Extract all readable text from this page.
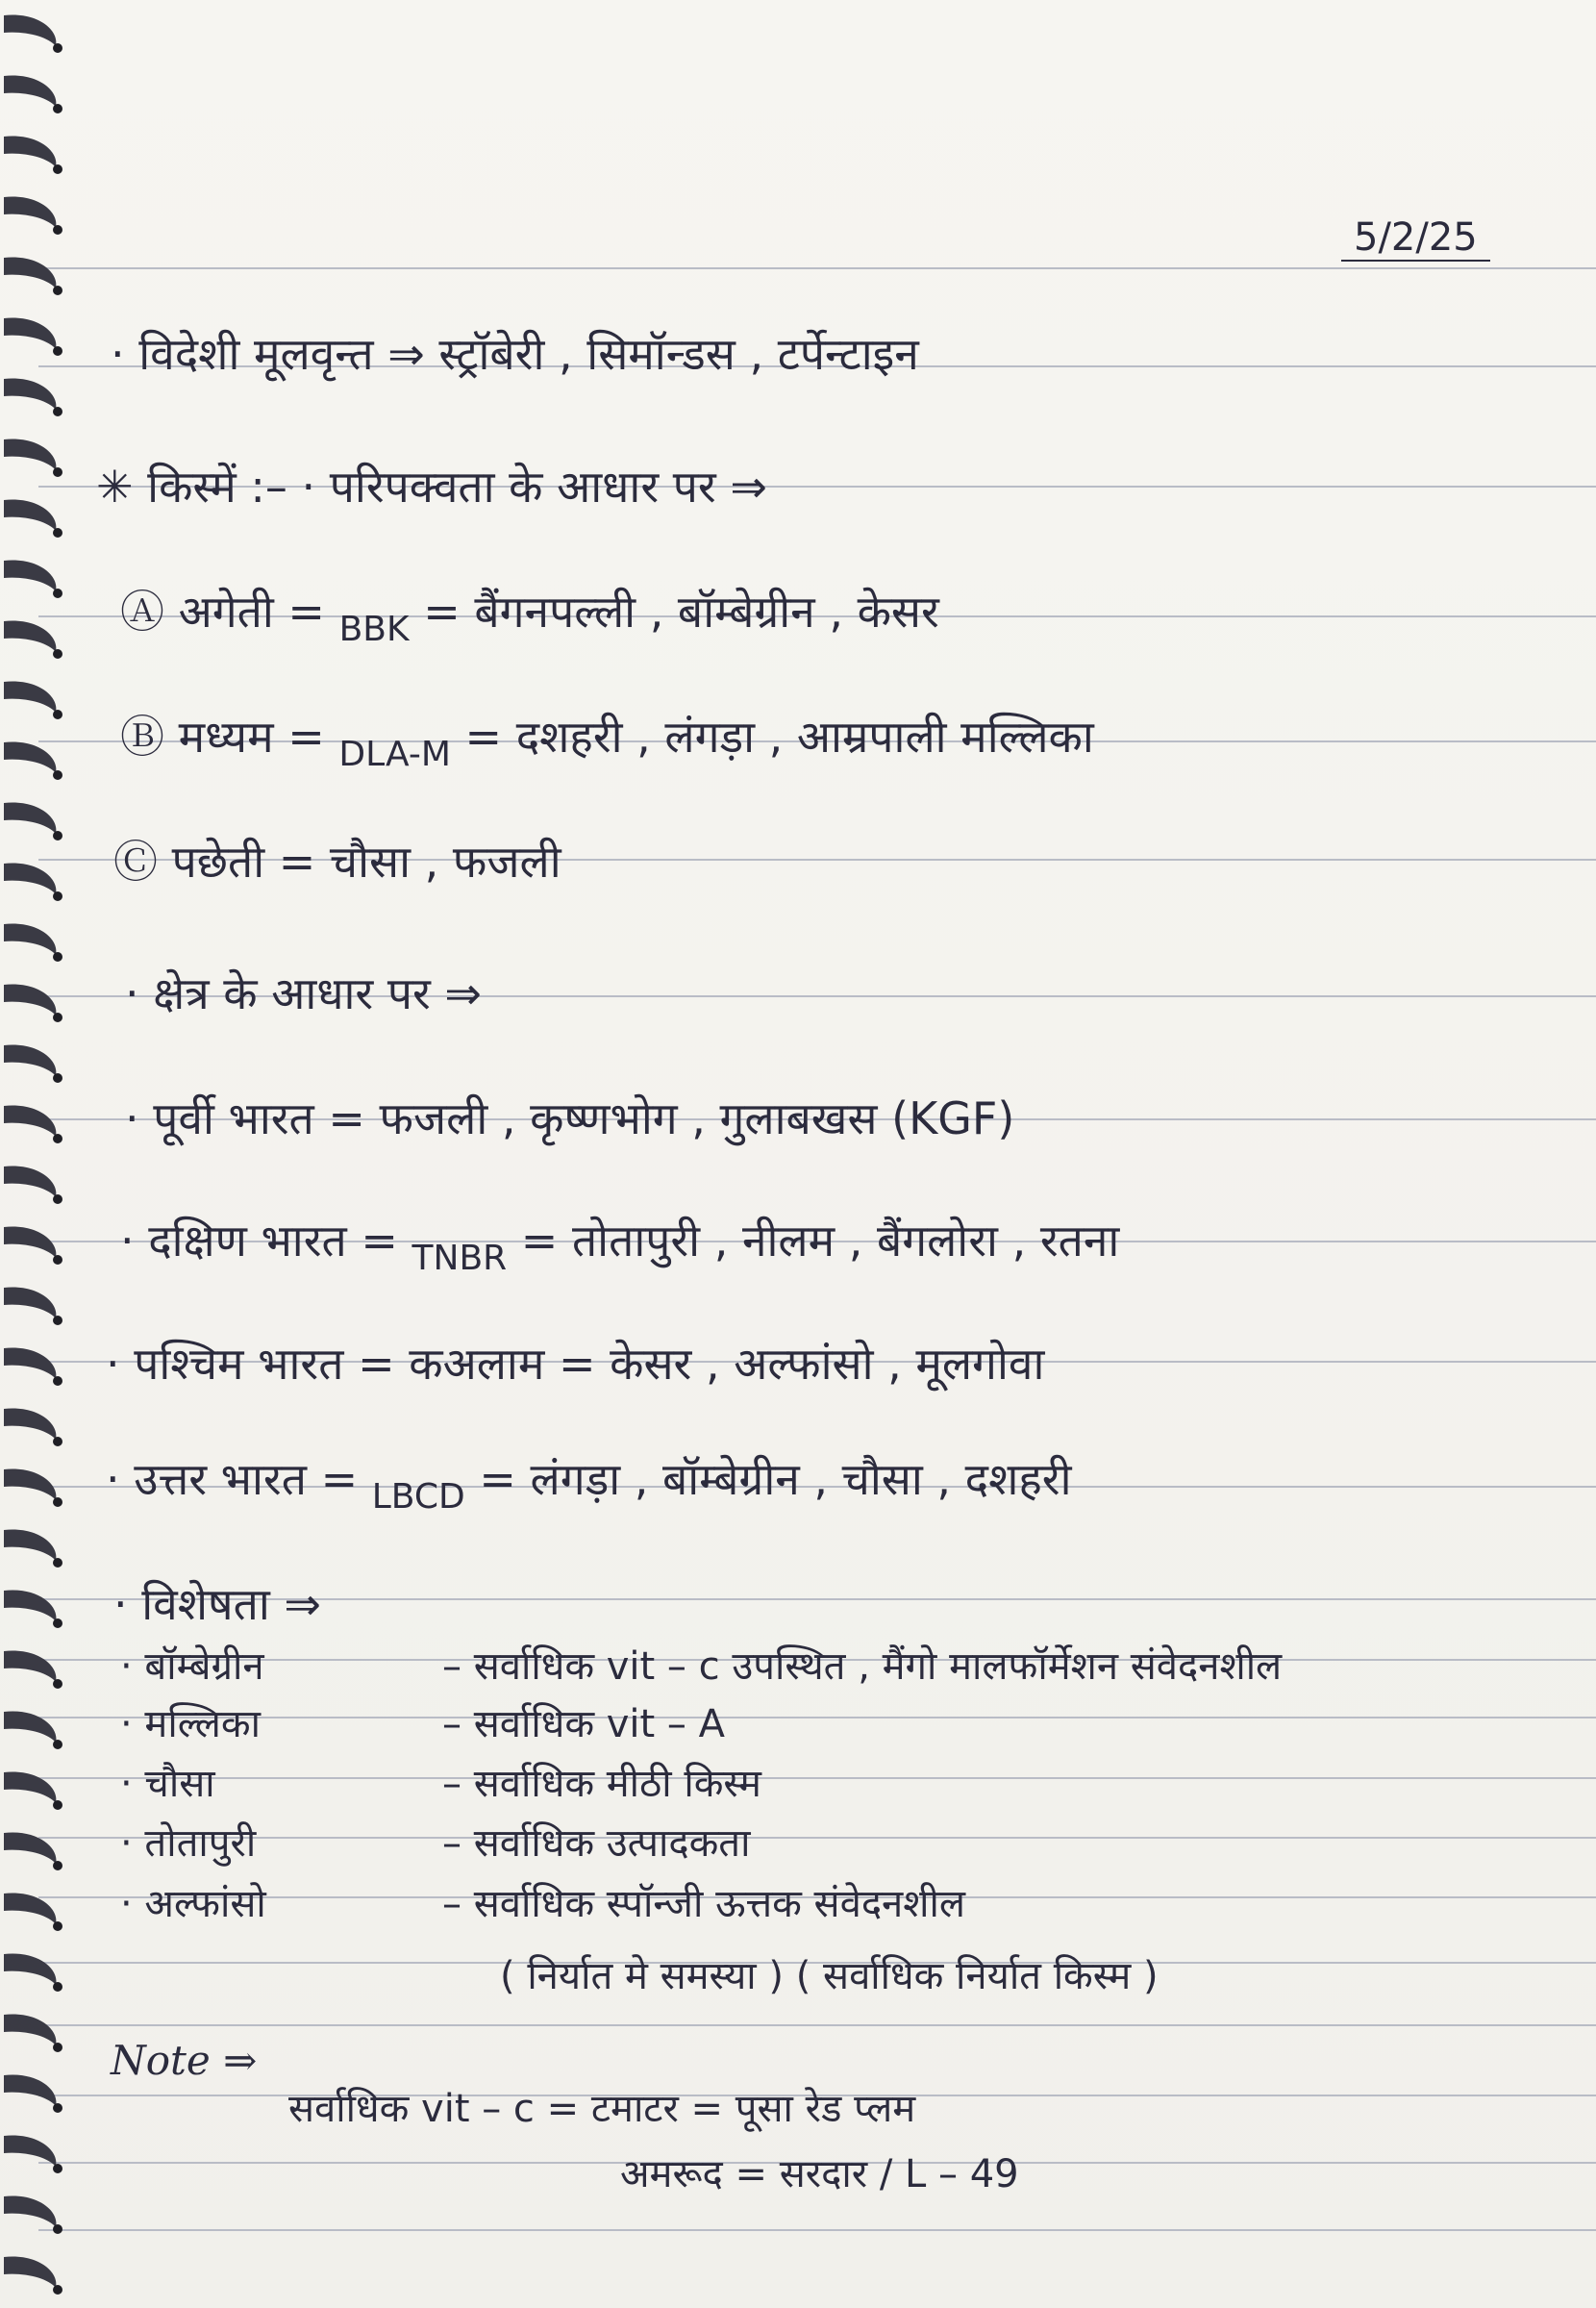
5/2/25
· विदेशी मूलवृन्त ⇒ स्ट्रॉबेरी , सिमॉन्डस , टर्पेन्टाइन
✳ किस्में :– · परिपक्वता के आधार पर ⇒
Ⓐ अगेती = $_{BBK}$ = बैंगनपल्ली , बॉम्बेग्रीन , केसर
Ⓑ मध्यम = $_{DLA-M}$ = दशहरी , लंगड़ा , आम्रपाली मल्लिका
Ⓒ पछेती = चौसा , फजली
· क्षेत्र के आधार पर ⇒
· पूर्वी भारत = फजली , कृष्णभोग , गुलाबखस (KGF)
· दक्षिण भारत = $_{TNBR}$ = तोतापुरी , नीलम , बैंगलोरा , रतना
· पश्चिम भारत = कअलाम = केसर , अल्फांसो , मूलगोवा
· उत्तर भारत = $_{LBCD}$ = लंगड़ा , बॉम्बेग्रीन , चौसा , दशहरी
· विशेषता ⇒
· बॉम्बेग्रीन	– सर्वाधिक vit – c उपस्थित , मैंगो मालफॉर्मेशन संवेदनशील
· मल्लिका	– सर्वाधिक vit – A
· चौसा	– सर्वाधिक मीठी किस्म
· तोतापुरी	– सर्वाधिक उत्पादकता
· अल्फांसो	– सर्वाधिक स्पॉन्जी ऊत्तक संवेदनशील
( निर्यात मे समस्या ) ( सर्वाधिक निर्यात किस्म )
Note ⇒
सर्वाधिक vit – c = टमाटर = पूसा रेड प्लम
अमरूद = सरदार / L – 49
